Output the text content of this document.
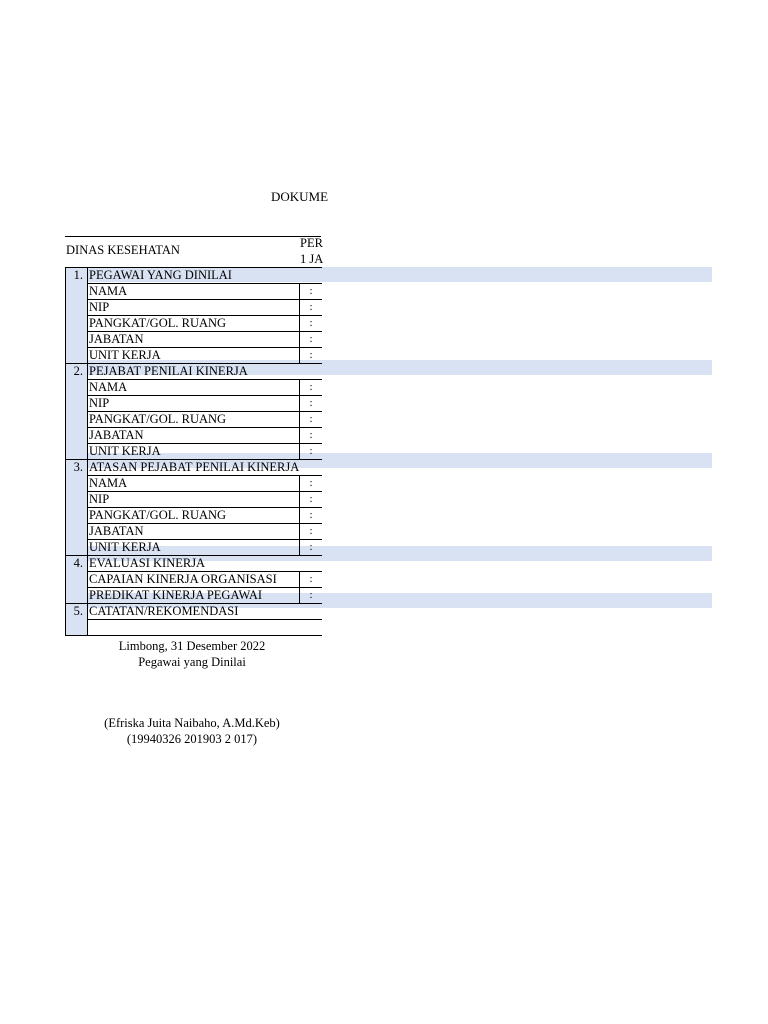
DOKUME
DINAS KESEHATAN	PER
1 JA
1. PEGAWAI YANG DINILAI
NAMA	:
NIP	:
PANGKAT/GOL. RUANG	:
JABATAN	:
UNIT KERJA	:
2. PEJABAT PENILAI KINERJA
NAMA	:
NIP	:
PANGKAT/GOL. RUANG	:
JABATAN	:
UNIT KERJA	:
3. ATASAN PEJABAT PENILAI KINERJA
NAMA	:
NIP	:
PANGKAT/GOL. RUANG	:
JABATAN	:
UNIT KERJA	:
4. EVALUASI KINERJA
CAPAIAN KINERJA ORGANISASI	:
PREDIKAT KINERJA PEGAWAI	:
5. CATATAN/REKOMENDASI
Limbong, 31 Desember 2022
Pegawai yang Dinilai
(Efriska Juita Naibaho, A.Md.Keb)
(19940326 201903 2 017)
